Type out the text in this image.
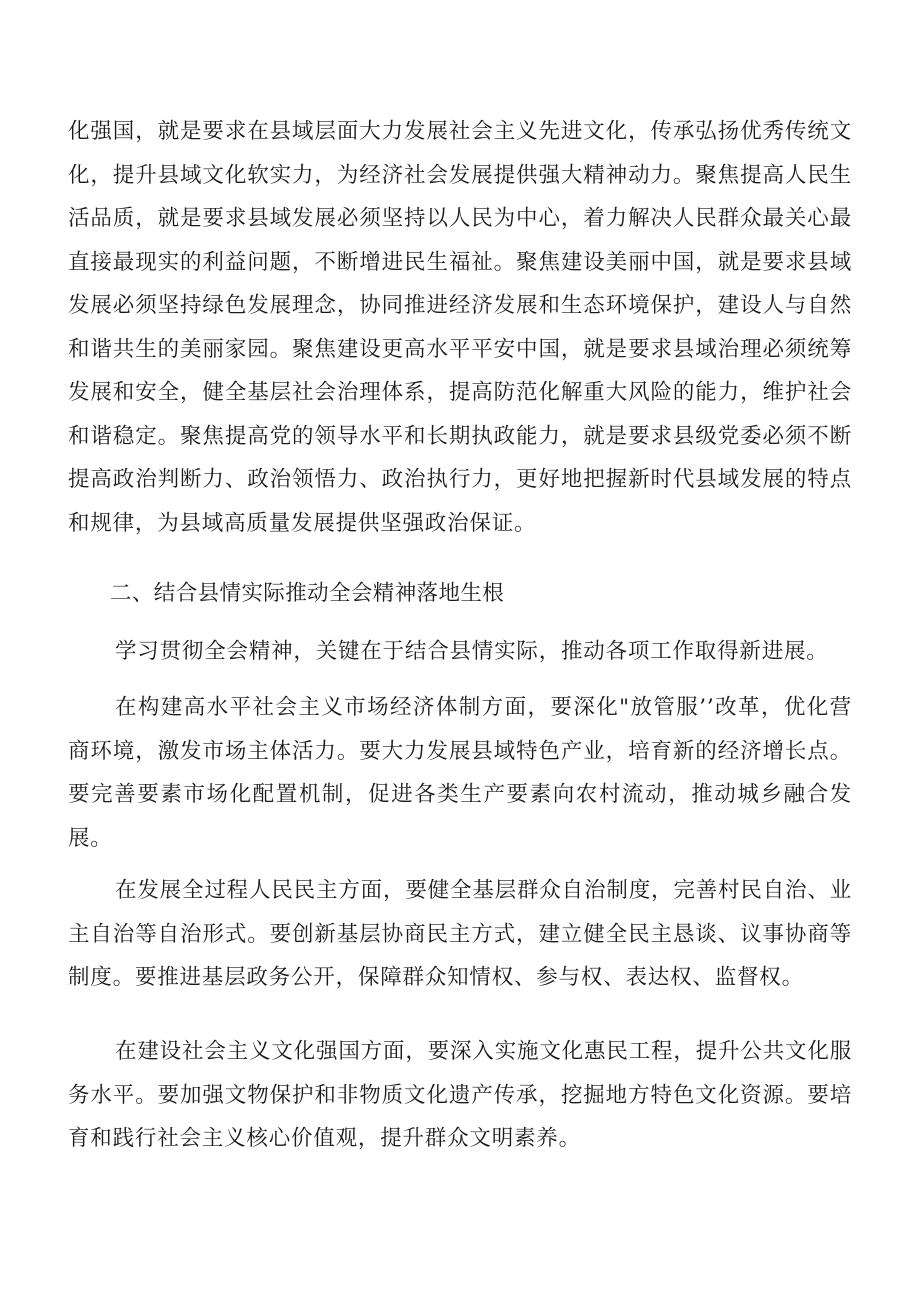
化强国，就是要求在县域层面大力发展社会主义先进文化，传承弘扬优秀传统文化，提升县域文化软实力，为经济社会发展提供强大精神动力。聚焦提高人民生活品质，就是要求县域发展必须坚持以人民为中心，着力解决人民群众最关心最直接最现实的利益问题，不断增进民生福祉。聚焦建设美丽中国，就是要求县域发展必须坚持绿色发展理念，协同推进经济发展和生态环境保护，建设人与自然和谐共生的美丽家园。聚焦建设更高水平平安中国，就是要求县域治理必须统筹发展和安全，健全基层社会治理体系，提高防范化解重大风险的能力，维护社会和谐稳定。聚焦提高党的领导水平和长期执政能力，就是要求县级党委必须不断提高政治判断力、政治领悟力、政治执行力，更好地把握新时代县域发展的特点和规律，为县域高质量发展提供坚强政治保证。

二、结合县情实际推动全会精神落地生根

学习贯彻全会精神，关键在于结合县情实际，推动各项工作取得新进展。

在构建高水平社会主义市场经济体制方面，要深化"放管服’’改革，优化营商环境，激发市场主体活力。要大力发展县域特色产业，培育新的经济增长点。要完善要素市场化配置机制，促进各类生产要素向农村流动，推动城乡融合发展。

在发展全过程人民民主方面，要健全基层群众自治制度，完善村民自治、业主自治等自治形式。要创新基层协商民主方式，建立健全民主恳谈、议事协商等制度。要推进基层政务公开，保障群众知情权、参与权、表达权、监督权。

在建设社会主义文化强国方面，要深入实施文化惠民工程，提升公共文化服务水平。要加强文物保护和非物质文化遗产传承，挖掘地方特色文化资源。要培育和践行社会主义核心价值观，提升群众文明素养。
